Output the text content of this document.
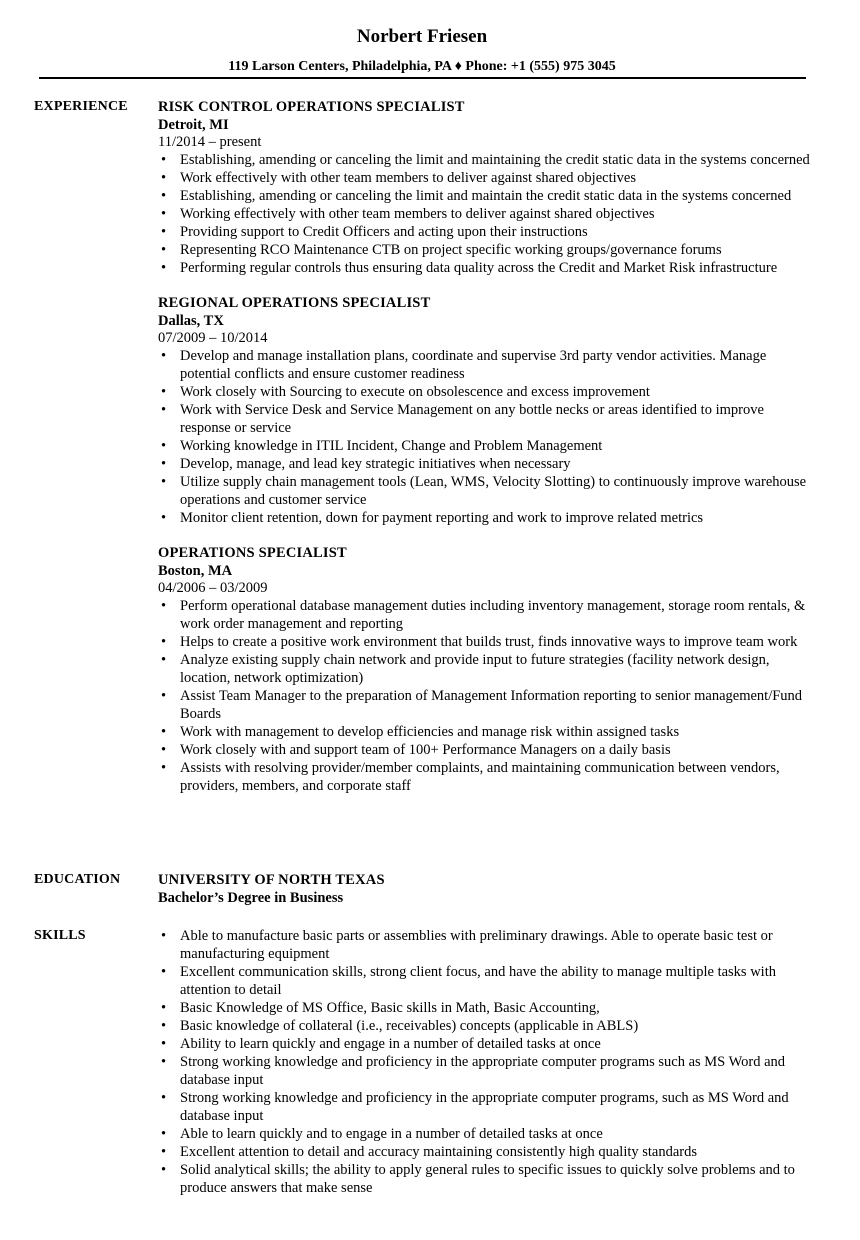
Norbert Friesen
119 Larson Centers, Philadelphia, PA ♦ Phone: +1 (555) 975 3045
EXPERIENCE RISK CONTROL OPERATIONS SPECIALIST
Detroit, MI
11/2014 – present
• Establishing, amending or canceling the limit and maintaining the credit static data in the systems concerned
• Work effectively with other team members to deliver against shared objectives
• Establishing, amending or canceling the limit and maintain the credit static data in the systems concerned
• Working effectively with other team members to deliver against shared objectives
• Providing support to Credit Officers and acting upon their instructions
• Representing RCO Maintenance CTB on project specific working groups/governance forums
• Performing regular controls thus ensuring data quality across the Credit and Market Risk infrastructure
REGIONAL OPERATIONS SPECIALIST
Dallas, TX
07/2009 – 10/2014
• Develop and manage installation plans, coordinate and supervise 3rd party vendor activities. Manage potential conflicts and ensure customer readiness
• Work closely with Sourcing to execute on obsolescence and excess improvement
• Work with Service Desk and Service Management on any bottle necks or areas identified to improve response or service
• Working knowledge in ITIL Incident, Change and Problem Management
• Develop, manage, and lead key strategic initiatives when necessary
• Utilize supply chain management tools (Lean, WMS, Velocity Slotting) to continuously improve warehouse operations and customer service
• Monitor client retention, down for payment reporting and work to improve related metrics
OPERATIONS SPECIALIST
Boston, MA
04/2006 – 03/2009
• Perform operational database management duties including inventory management, storage room rentals, & work order management and reporting
• Helps to create a positive work environment that builds trust, finds innovative ways to improve team work
• Analyze existing supply chain network and provide input to future strategies (facility network design, location, network optimization)
• Assist Team Manager to the preparation of Management Information reporting to senior management/Fund Boards
• Work with management to develop efficiencies and manage risk within assigned tasks
• Work closely with and support team of 100+ Performance Managers on a daily basis
• Assists with resolving provider/member complaints, and maintaining communication between vendors, providers, members, and corporate staff
EDUCATION	UNIVERSITY OF NORTH TEXAS
Bachelor’s Degree in Business
SKILLS
•	Able to manufacture basic parts or assemblies with preliminary drawings. Able to operate basic test or manufacturing equipment
• Excellent communication skills, strong client focus, and have the ability to manage multiple tasks with attention to detail
• Basic Knowledge of MS Office, Basic skills in Math, Basic Accounting,
• Basic knowledge of collateral (i.e., receivables) concepts (applicable in ABLS)
• Ability to learn quickly and engage in a number of detailed tasks at once
• Strong working knowledge and proficiency in the appropriate computer programs such as MS Word and database input
• Strong working knowledge and proficiency in the appropriate computer programs, such as MS Word and database input
• Able to learn quickly and to engage in a number of detailed tasks at once
• Excellent attention to detail and accuracy maintaining consistently high quality standards
• Solid analytical skills; the ability to apply general rules to specific issues to quickly solve problems and to produce answers that make sense
